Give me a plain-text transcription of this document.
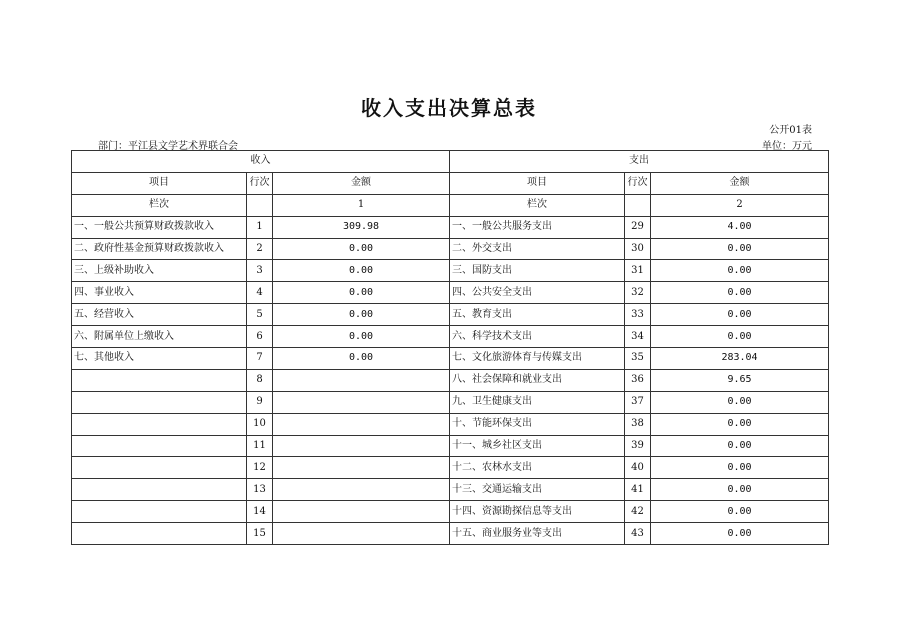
收入支出决算总表
公开01表
部门：平江县文学艺术界联合会	单位：万元
收入			支出		
项目	行次	金额	项目	行次	金额
栏次		1	栏次		2
一、一般公共预算财政拨款收入	1	309.98	一、一般公共服务支出	29	4.00
二、政府性基金预算财政拨款收入	2	0.00	二、外交支出	30	0.00
三、上级补助收入	3	0.00	三、国防支出	31	0.00
四、事业收入	4	0.00	四、公共安全支出	32	0.00
五、经营收入	5	0.00	五、教育支出	33	0.00
六、附属单位上缴收入	6	0.00	六、科学技术支出	34	0.00
七、其他收入	7	0.00	七、文化旅游体育与传媒支出	35	283.04
	8		八、社会保障和就业支出	36	9.65
	9		九、卫生健康支出	37	0.00
	10		十、节能环保支出	38	0.00
	11		十一、城乡社区支出	39	0.00
	12		十二、农林水支出	40	0.00
	13		十三、交通运输支出	41	0.00
	14		十四、资源勘探信息等支出	42	0.00
	15		十五、商业服务业等支出	43	0.00
